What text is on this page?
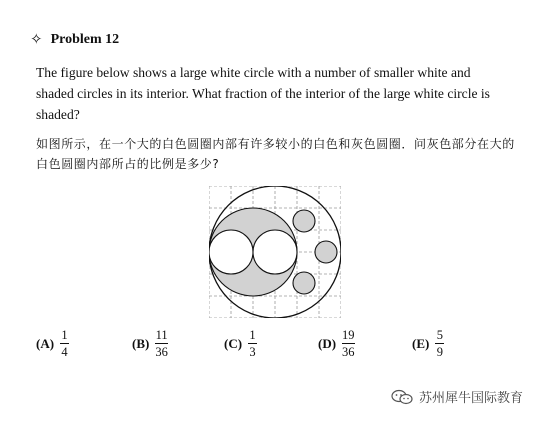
✧ Problem 12
The figure below shows a large white circle with a number of smaller white and shaded circles in its interior. What fraction of the interior of the large white circle is shaded?
如图所示，在一个大的白色圆圈内部有许多较小的白色和灰色圆圈．问灰色部分在大的白色圆圈内部所占的比例是多少?
$(A) \frac{1}{4}$	$(B) \frac{11}{36}$	$(C) \frac{1}{3}$	$(D) \frac{19}{36}$	$(E) \frac{5}{9}$
苏州犀牛国际教育
